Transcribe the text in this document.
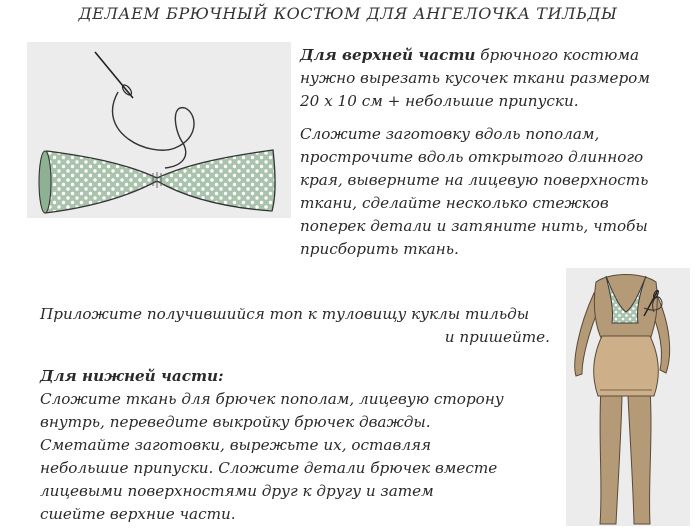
ДЕЛАЕМ БРЮЧНЫЙ КОСТЮМ ДЛЯ АНГЕЛОЧКА ТИЛЬДЫ

Для верхней части брючного костюма
нужно вырезать кусочек ткани размером
20 х 10 см + небольшие припуски.

Сложите заготовку вдоль пополам,
прострочите вдоль открытого длинного
края, выверните на лицевую поверхность
ткани, сделайте несколько стежков
поперек детали и затяните нить, чтобы
присборить ткань.

Приложите получившийся топ к туловищу куклы тильды
и пришейте.

Для нижней части:
Сложите ткань для брючек пополам, лицевую сторону
внутрь, переведите выкройку брючек дважды.
Сметайте заготовки, вырежьте их, оставляя
небольшие припуски. Сложите детали брючек вместе
лицевыми поверхностями друг к другу и затем
сшейте верхние части.
